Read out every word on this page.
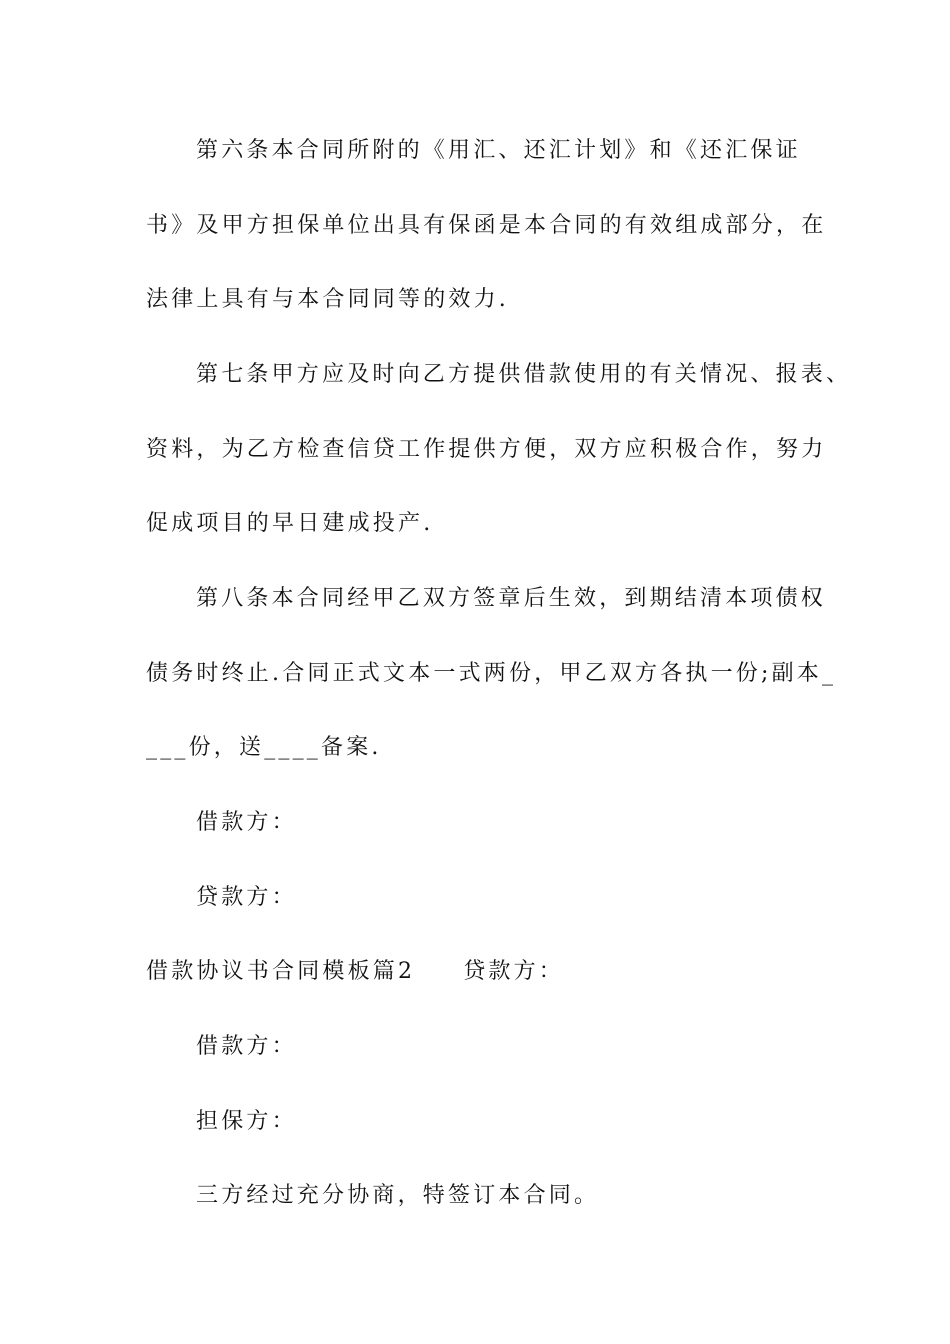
第六条本合同所附的《用汇、还汇计划》和《还汇保证
书》及甲方担保单位出具有保函是本合同的有效组成部分，在
法律上具有与本合同同等的效力.
第七条甲方应及时向乙方提供借款使用的有关情况、报表、
资料，为乙方检查信贷工作提供方便，双方应积极合作，努力
促成项目的早日建成投产.
第八条本合同经甲乙双方签章后生效，到期结清本项债权
债务时终止.合同正式文本一式两份，甲乙双方各执一份;副本_
___份，送____备案.
借款方：
贷款方：
借款协议书合同模板篇2 贷款方：
借款方：
担保方：
三方经过充分协商，特签订本合同。
